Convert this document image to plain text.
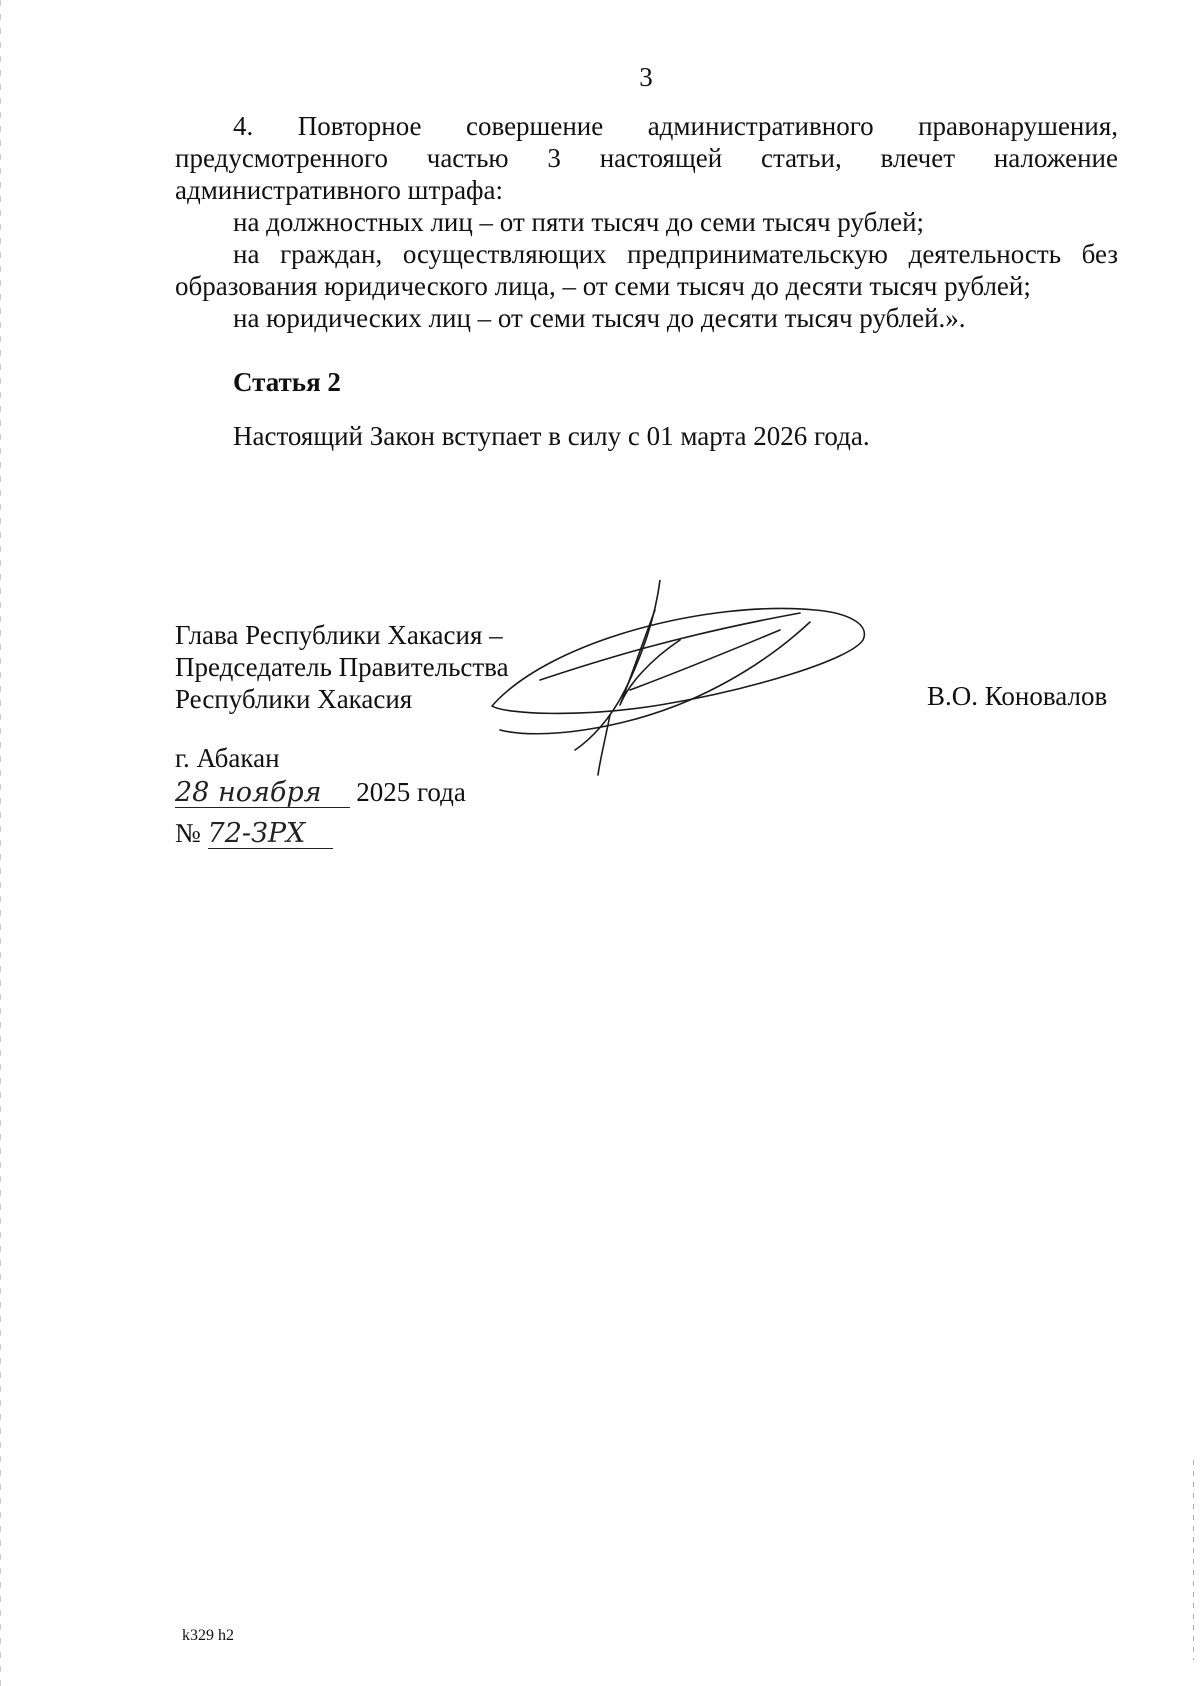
3

4. Повторное совершение административного правонарушения,

предусмотренного частью 3 настоящей статьи, влечет наложение

административного штрафа:

на должностных лиц – от пяти тысяч до семи тысяч рублей;

на граждан, осуществляющих предпринимательскую деятельность без

образования юридического лица, – от семи тысяч до десяти тысяч рублей;

на юридических лиц – от семи тысяч до десяти тысяч рублей.».

Статья 2
Настоящий Закон вступает в силу с 01 марта 2026 года.
Глава Республики Хакасия –
Председатель Правительства
Республики Хакасия	В.О. Коновалов
г. Абакан
28 ноября 2025 года
№ 72-ЗРХ
k329 h2
